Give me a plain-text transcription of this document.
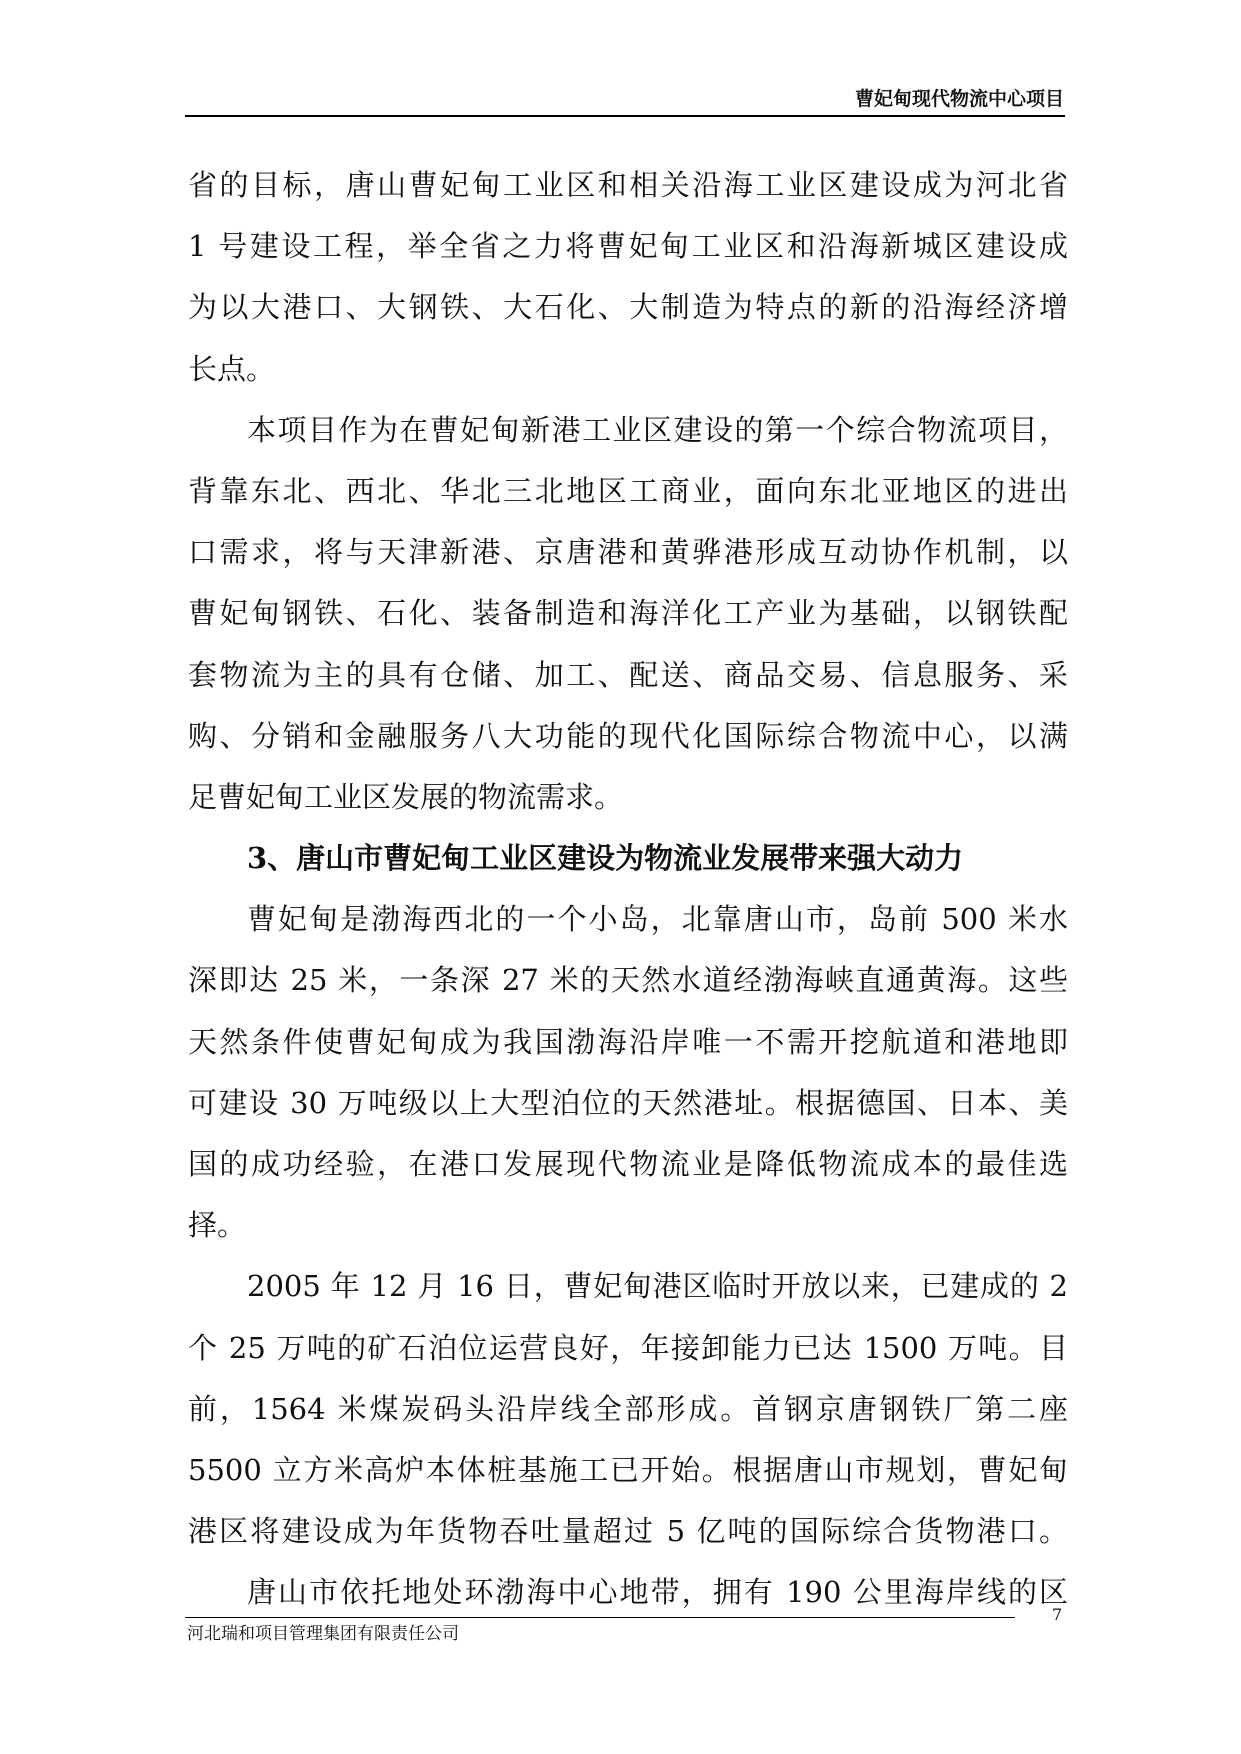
曹妃甸现代物流中心项目
省的目标，唐山曹妃甸工业区和相关沿海工业区建设成为河北省
1 号建设工程，举全省之力将曹妃甸工业区和沿海新城区建设成
为以大港口、大钢铁、大石化、大制造为特点的新的沿海经济增
长点。
本项目作为在曹妃甸新港工业区建设的第一个综合物流项目，
背靠东北、西北、华北三北地区工商业，面向东北亚地区的进出
口需求，将与天津新港、京唐港和黄骅港形成互动协作机制，以
曹妃甸钢铁、石化、装备制造和海洋化工产业为基础，以钢铁配
套物流为主的具有仓储、加工、配送、商品交易、信息服务、采
购、分销和金融服务八大功能的现代化国际综合物流中心，以满
足曹妃甸工业区发展的物流需求。
3、唐山市曹妃甸工业区建设为物流业发展带来强大动力
曹妃甸是渤海西北的一个小岛，北靠唐山市，岛前 500 米水
深即达 25 米，一条深 27 米的天然水道经渤海峡直通黄海。这些
天然条件使曹妃甸成为我国渤海沿岸唯一不需开挖航道和港地即
可建设 30 万吨级以上大型泊位的天然港址。根据德国、日本、美
国的成功经验，在港口发展现代物流业是降低物流成本的最佳选
择。
2005 年 12 月 16 日，曹妃甸港区临时开放以来，已建成的 2
个 25 万吨的矿石泊位运营良好，年接卸能力已达 1500 万吨。目
前，1564 米煤炭码头沿岸线全部形成。首钢京唐钢铁厂第二座
5500 立方米高炉本体桩基施工已开始。根据唐山市规划，曹妃甸
港区将建设成为年货物吞吐量超过 5 亿吨的国际综合货物港口。
唐山市依托地处环渤海中心地带，拥有 190 公里海岸线的区
河北瑞和项目管理集团有限责任公司
7
